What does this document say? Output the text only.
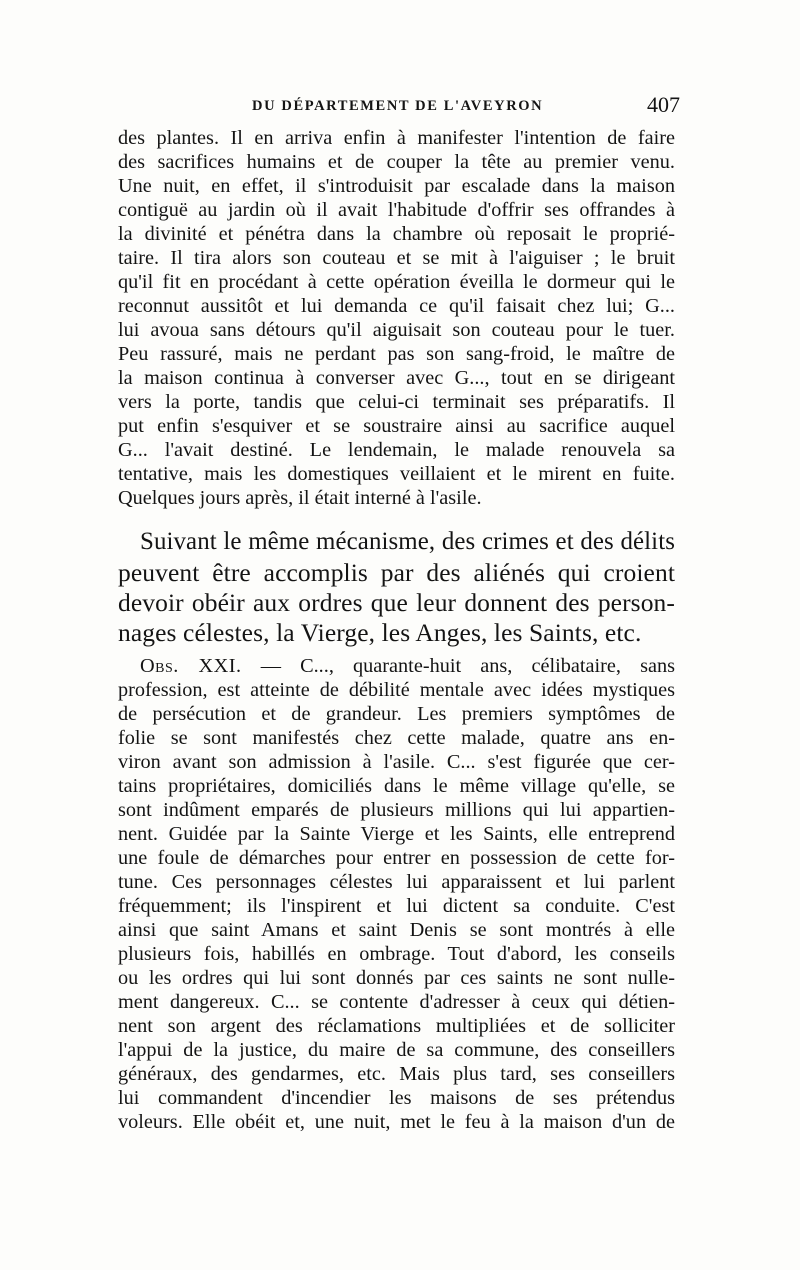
DU DÉPARTEMENT DE L'AVEYRON	407
des plantes. Il en arriva enfin à manifester l'intention de faire
des sacrifices humains et de couper la tête au premier venu.
Une nuit, en effet, il s'introduisit par escalade dans la maison
contiguë au jardin où il avait l'habitude d'offrir ses offrandes à
la divinité et pénétra dans la chambre où reposait le proprié-
taire. Il tira alors son couteau et se mit à l'aiguiser ; le bruit
qu'il fit en procédant à cette opération éveilla le dormeur qui le
reconnut aussitôt et lui demanda ce qu'il faisait chez lui; G...
lui avoua sans détours qu'il aiguisait son couteau pour le tuer.
Peu rassuré, mais ne perdant pas son sang-froid, le maître de
la maison continua à converser avec G..., tout en se dirigeant
vers la porte, tandis que celui-ci terminait ses préparatifs. Il
put enfin s'esquiver et se soustraire ainsi au sacrifice auquel
G... l'avait destiné. Le lendemain, le malade renouvela sa
tentative, mais les domestiques veillaient et le mirent en fuite.
Quelques jours après, il était interné à l'asile.
Suivant le même mécanisme, des crimes et des délits
peuvent être accomplis par des aliénés qui croient
devoir obéir aux ordres que leur donnent des person-
nages célestes, la Vierge, les Anges, les Saints, etc.
Obs. XXI. — C..., quarante-huit ans, célibataire, sans
profession, est atteinte de débilité mentale avec idées mystiques
de persécution et de grandeur. Les premiers symptômes de
folie se sont manifestés chez cette malade, quatre ans en-
viron avant son admission à l'asile. C... s'est figurée que cer-
tains propriétaires, domiciliés dans le même village qu'elle, se
sont indûment emparés de plusieurs millions qui lui appartien-
nent. Guidée par la Sainte Vierge et les Saints, elle entreprend
une foule de démarches pour entrer en possession de cette for-
tune. Ces personnages célestes lui apparaissent et lui parlent
fréquemment; ils l'inspirent et lui dictent sa conduite. C'est
ainsi que saint Amans et saint Denis se sont montrés à elle
plusieurs fois, habillés en ombrage. Tout d'abord, les conseils
ou les ordres qui lui sont donnés par ces saints ne sont nulle-
ment dangereux. C... se contente d'adresser à ceux qui détien-
nent son argent des réclamations multipliées et de solliciter
l'appui de la justice, du maire de sa commune, des conseillers
généraux, des gendarmes, etc. Mais plus tard, ses conseillers
lui commandent d'incendier les maisons de ses prétendus
voleurs. Elle obéit et, une nuit, met le feu à la maison d'un de
